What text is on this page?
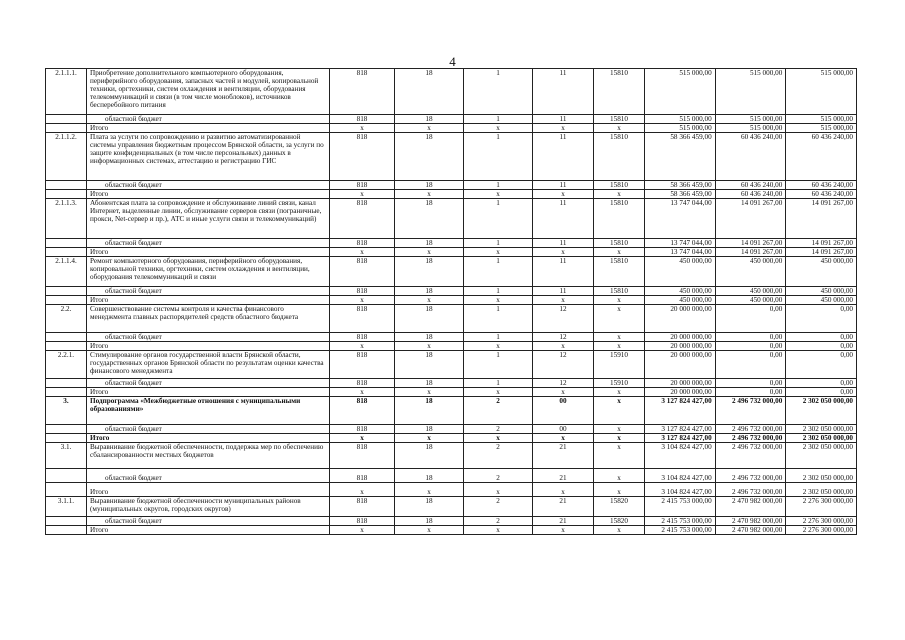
4
2.1.1.1.	Приобретение дополнительного компьютерного оборудования, периферийного оборудования, запасных частей и модулей, копировальной техники, оргтехники, систем охлаждения и вентиляции, оборудования телекоммуникаций и связи (в том числе моноблоков), источников бесперебойного питания	818	18	1	11	15810	515 000,00	515 000,00	515 000,00
	областной бюджет	818	18	1	11	15810	515 000,00	515 000,00	515 000,00
	Итого	x	x	x	x	x	515 000,00	515 000,00	515 000,00
2.1.1.2.	Плата за услуги по сопровождению и развитию автоматизированной системы управления бюджетным процессом Брянской области, за услуги по защите конфиденциальных (в том числе персональных) данных в информационных системах, аттестацию и регистрацию ГИС	818	18	1	11	15810	58 366 459,00	60 436 240,00	60 436 240,00
	областной бюджет	818	18	1	11	15810	58 366 459,00	60 436 240,00	60 436 240,00
	Итого	x	x	x	x	x	58 366 459,00	60 436 240,00	60 436 240,00
2.1.1.3.	Абонентская плата за сопровождение и обслуживание линий связи, канал Интернет, выделенные линии, обслуживание серверов связи (пограничные, прокси, Net-сервер и пр.), АТС и иные услуги связи и телекоммуникаций)	818	18	1	11	15810	13 747 044,00	14 091 267,00	14 091 267,00
	областной бюджет	818	18	1	11	15810	13 747 044,00	14 091 267,00	14 091 267,00
	Итого	x	x	x	x	x	13 747 044,00	14 091 267,00	14 091 267,00
2.1.1.4.	Ремонт компьютерного оборудования, периферийного оборудования, копировальной техники, оргтехники, систем охлаждения и вентиляции, оборудования телекоммуникаций и связи	818	18	1	11	15810	450 000,00	450 000,00	450 000,00
	областной бюджет	818	18	1	11	15810	450 000,00	450 000,00	450 000,00
	Итого	x	x	x	x	x	450 000,00	450 000,00	450 000,00
2.2.	Совершенствование системы контроля и качества финансового менеджмента главных распорядителей средств областного бюджета	818	18	1	12	x	20 000 000,00	0,00	0,00
	областной бюджет	818	18	1	12	x	20 000 000,00	0,00	0,00
	Итого	x	x	x	x	x	20 000 000,00	0,00	0,00
2.2.1.	Стимулирование органов государственной власти Брянской области, государственных органов Брянской области по результатам оценки качества финансового менеджмента	818	18	1	12	15910	20 000 000,00	0,00	0,00
	областной бюджет	818	18	1	12	15910	20 000 000,00	0,00	0,00
	Итого	x	x	x	x	x	20 000 000,00	0,00	0,00
3.	Подпрограмма «Межбюджетные отношения с муниципальными образованиями»	818	18	2	00	x	3 127 824 427,00	2 496 732 000,00	2 302 050 000,00
	областной бюджет	818	18	2	00	x	3 127 824 427,00	2 496 732 000,00	2 302 050 000,00
	Итого	x	x	x	x	x	3 127 824 427,00	2 496 732 000,00	2 302 050 000,00
3.1.	Выравнивание бюджетной обеспеченности, поддержка мер по обеспечению сбалансированности местных бюджетов	818	18	2	21	x	3 104 824 427,00	2 496 732 000,00	2 302 050 000,00
	областной бюджет	818	18	2	21	x	3 104 824 427,00	2 496 732 000,00	2 302 050 000,00
	Итого	x	x	x	x	x	3 104 824 427,00	2 496 732 000,00	2 302 050 000,00
3.1.1.	Выравнивание бюджетной обеспеченности муниципальных районов (муниципальных округов, городских округов)	818	18	2	21	15820	2 415 753 000,00	2 470 982 000,00	2 276 300 000,00
	областной бюджет	818	18	2	21	15820	2 415 753 000,00	2 470 982 000,00	2 276 300 000,00
	Итого	x	x	x	x	x	2 415 753 000,00	2 470 982 000,00	2 276 300 000,00
